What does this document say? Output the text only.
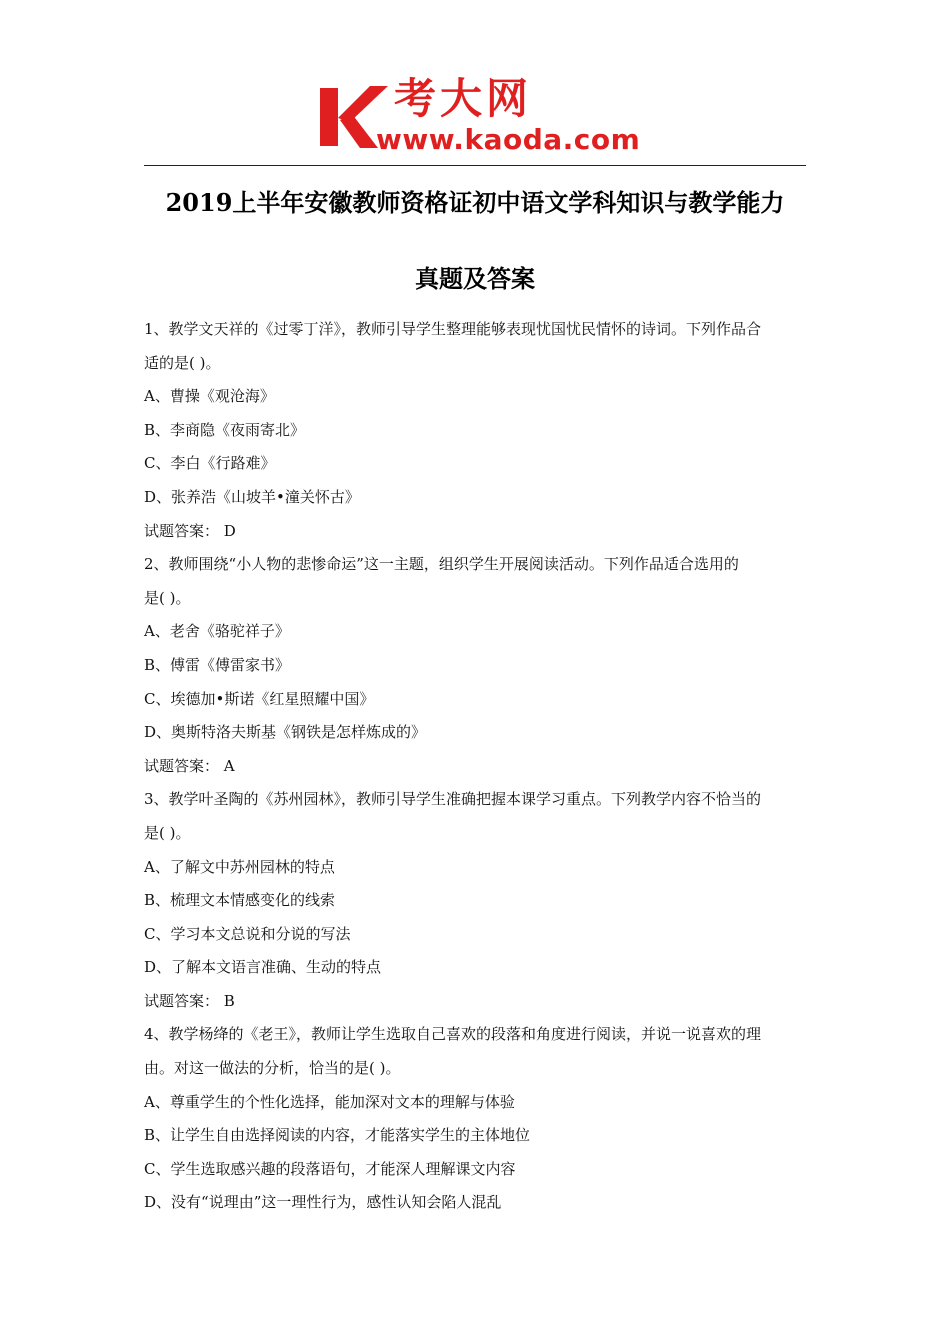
考大网
www.kaoda.com
2019上半年安徽教师资格证初中语文学科知识与教学能力
真题及答案
1、教学文天祥的《过零丁洋》，教师引导学生整理能够表现忧国忧民情怀的诗词。下列作品合
适的是( )。
A、曹操《观沧海》
B、李商隐《夜雨寄北》
C、李白《行路难》
D、张养浩《山坡羊•潼关怀古》
试题答案： D
2、教师围绕“小人物的悲惨命运”这一主题，组织学生开展阅读活动。下列作品适合选用的
是( )。
A、老舍《骆驼祥子》
B、傅雷《傅雷家书》
C、埃德加•斯诺《红星照耀中国》
D、奥斯特洛夫斯基《钢铁是怎样炼成的》
试题答案： A
3、教学叶圣陶的《苏州园林》，教师引导学生准确把握本课学习重点。下列教学内容不恰当的
是( )。
A、了解文中苏州园林的特点
B、梳理文本情感变化的线索
C、学习本文总说和分说的写法
D、了解本文语言准确、生动的特点
试题答案： B
4、教学杨绛的《老王》，教师让学生选取自己喜欢的段落和角度进行阅读，并说一说喜欢的理
由。对这一做法的分析，恰当的是( )。
A、尊重学生的个性化选择，能加深对文本的理解与体验
B、让学生自由选择阅读的内容，才能落实学生的主体地位
C、学生选取感兴趣的段落语句，才能深人理解课文内容
D、没有“说理由”这一理性行为，感性认知会陷人混乱
